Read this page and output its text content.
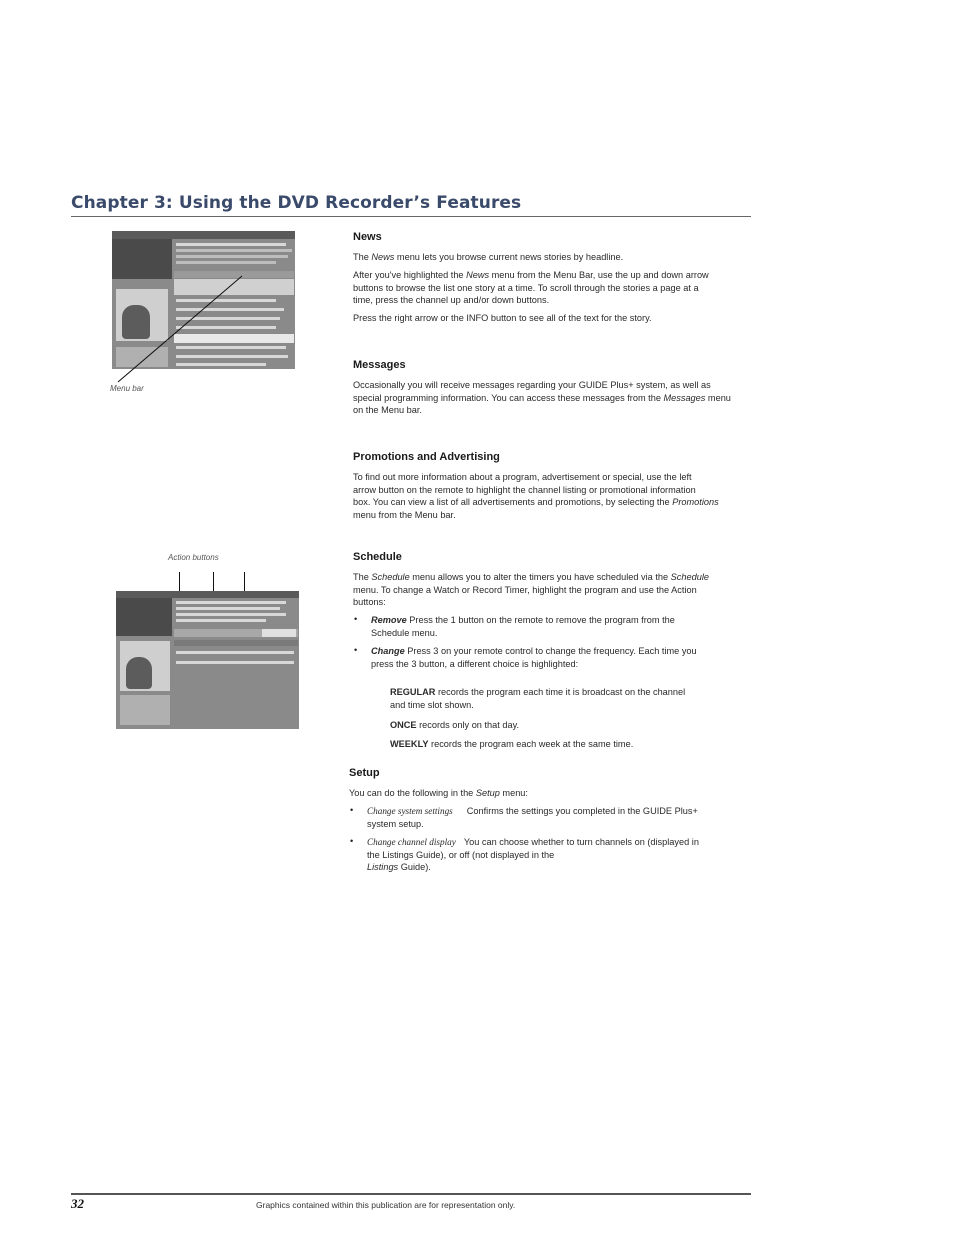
Chapter 3: Using the DVD Recorder’s Features
Menu bar
News
The News menu lets you browse current news stories by headline.
After you've highlighted the News menu from the Menu Bar, use the up and down arrow
buttons to browse the list one story at a time. To scroll through the stories a page at a
time, press the channel up and/or down buttons.
Press the right arrow or the INFO button to see all of the text for the story.
Messages
Occasionally you will receive messages regarding your GUIDE Plus+ system, as well as
special programming information. You can access these messages from the Messages menu
on the Menu bar.
Promotions and Advertising
To find out more information about a program, advertisement or special, use the left
arrow button on the remote to highlight the channel listing or promotional information
box. You can view a list of all advertisements and promotions, by selecting the Promotions
menu from the Menu bar.
Action buttons	Schedule
The Schedule menu allows you to alter the timers you have scheduled via the Schedule
menu. To change a Watch or Record Timer, highlight the program and use the Action
buttons:
• Remove Press the 1 button on the remote to remove the program from the
Schedule menu.
• Change Press 3 on your remote control to change the frequency. Each time you
press the 3 button, a different choice is highlighted:
REGULAR records the program each time it is broadcast on the channel
and time slot shown.
ONCE records only on that day.
WEEKLY records the program each week at the same time.
Setup
You can do the following in the Setup menu:
• Change system settings Confirms the settings you completed in the GUIDE Plus+
system setup.
• Change channel display You can choose whether to turn channels on (displayed in
the Listings Guide), or off (not displayed in the
Listings Guide).
32	Graphics contained within this publication are for representation only.
